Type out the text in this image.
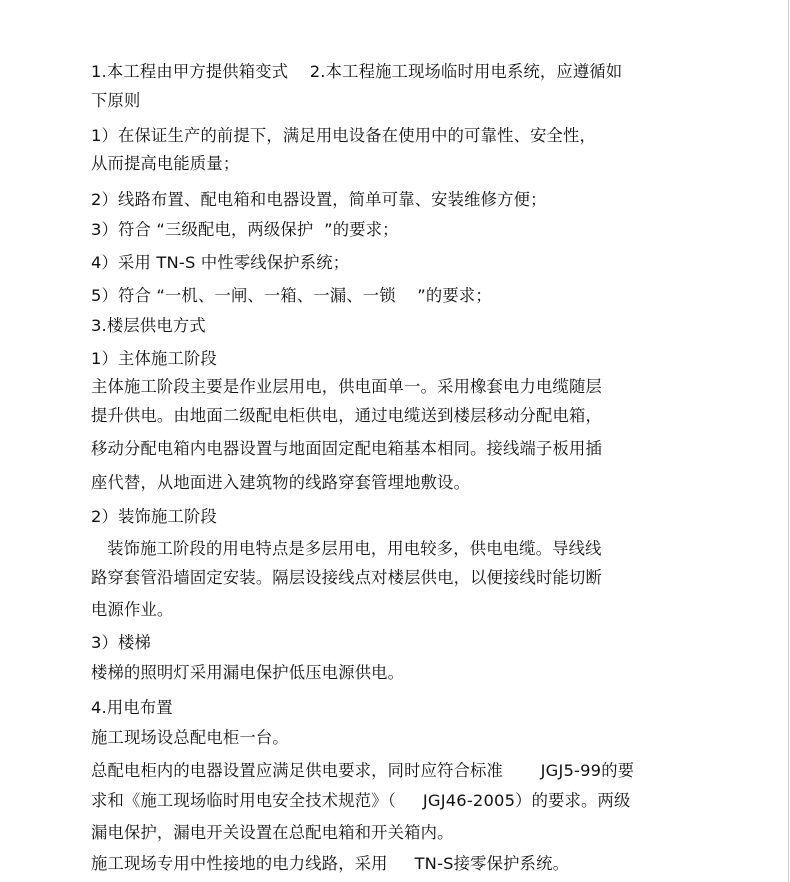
1.本工程由甲方提供箱变式    2.本工程施工现场临时用电系统，应遵循如
下原则
1）在保证生产的前提下，满足用电设备在使用中的可靠性、安全性，
从而提高电能质量；
2）线路布置、配电箱和电器设置，简单可靠、安装维修方便；
3）符合 “三级配电，两级保护  ”的要求；
4）采用 TN-S 中性零线保护系统；
5）符合 “一机、一闸、一箱、一漏、一锁    ”的要求；
3.楼层供电方式
1）主体施工阶段
主体施工阶段主要是作业层用电，供电面单一。采用橡套电力电缆随层
提升供电。由地面二级配电柜供电，通过电缆送到楼层移动分配电箱，
移动分配电箱内电器设置与地面固定配电箱基本相同。接线端子板用插
座代替，从地面进入建筑物的线路穿套管埋地敷设。
2）装饰施工阶段
装饰施工阶段的用电特点是多层用电，用电较多，供电电缆。导线线
路穿套管沿墙固定安装。隔层设接线点对楼层供电，以便接线时能切断
电源作业。
3）楼梯
楼梯的照明灯采用漏电保护低压电源供电。
4.用电布置
施工现场设总配电柜一台。
总配电柜内的电器设置应满足供电要求，同时应符合标准       JGJ5-99的要
求和《施工现场临时用电安全技术规范》（     JGJ46-2005）的要求。两级
漏电保护，漏电开关设置在总配电箱和开关箱内。
施工现场专用中性接地的电力线路，采用     TN-S接零保护系统。
